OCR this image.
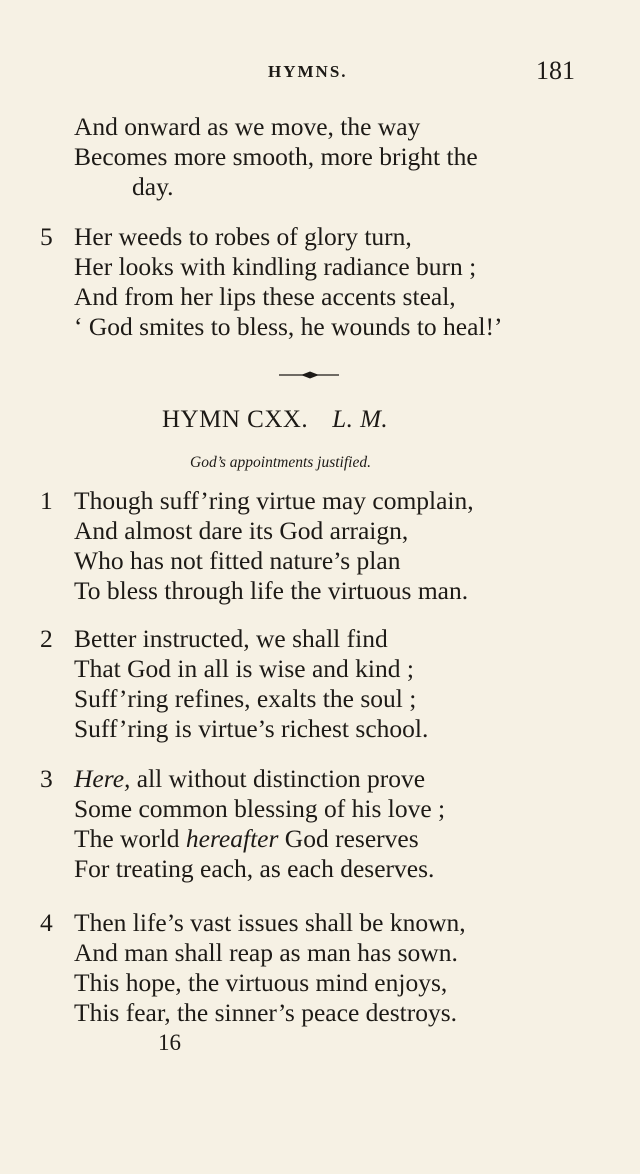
HYMNS.	181
And onward as we move, the way
Becomes more smooth, more bright the
day.
5 Her weeds to robes of glory turn,
Her looks with kindling radiance burn ;
And from her lips these accents steal,
‘ God smites to bless, he wounds to heal!’
HYMN CXX. L. M.
God’s appointments justified.
1 Though suff’ring virtue may complain,
And almost dare its God arraign,
Who has not fitted nature’s plan
To bless through life the virtuous man.
2 Better instructed, we shall find
That God in all is wise and kind ;
Suff’ring refines, exalts the soul ;
Suff’ring is virtue’s richest school.
3 Here, all without distinction prove
Some common blessing of his love ;
The world hereafter God reserves
For treating each, as each deserves.
4 Then life’s vast issues shall be known,
And man shall reap as man has sown.
This hope, the virtuous mind enjoys,
This fear, the sinner’s peace destroys.
16
